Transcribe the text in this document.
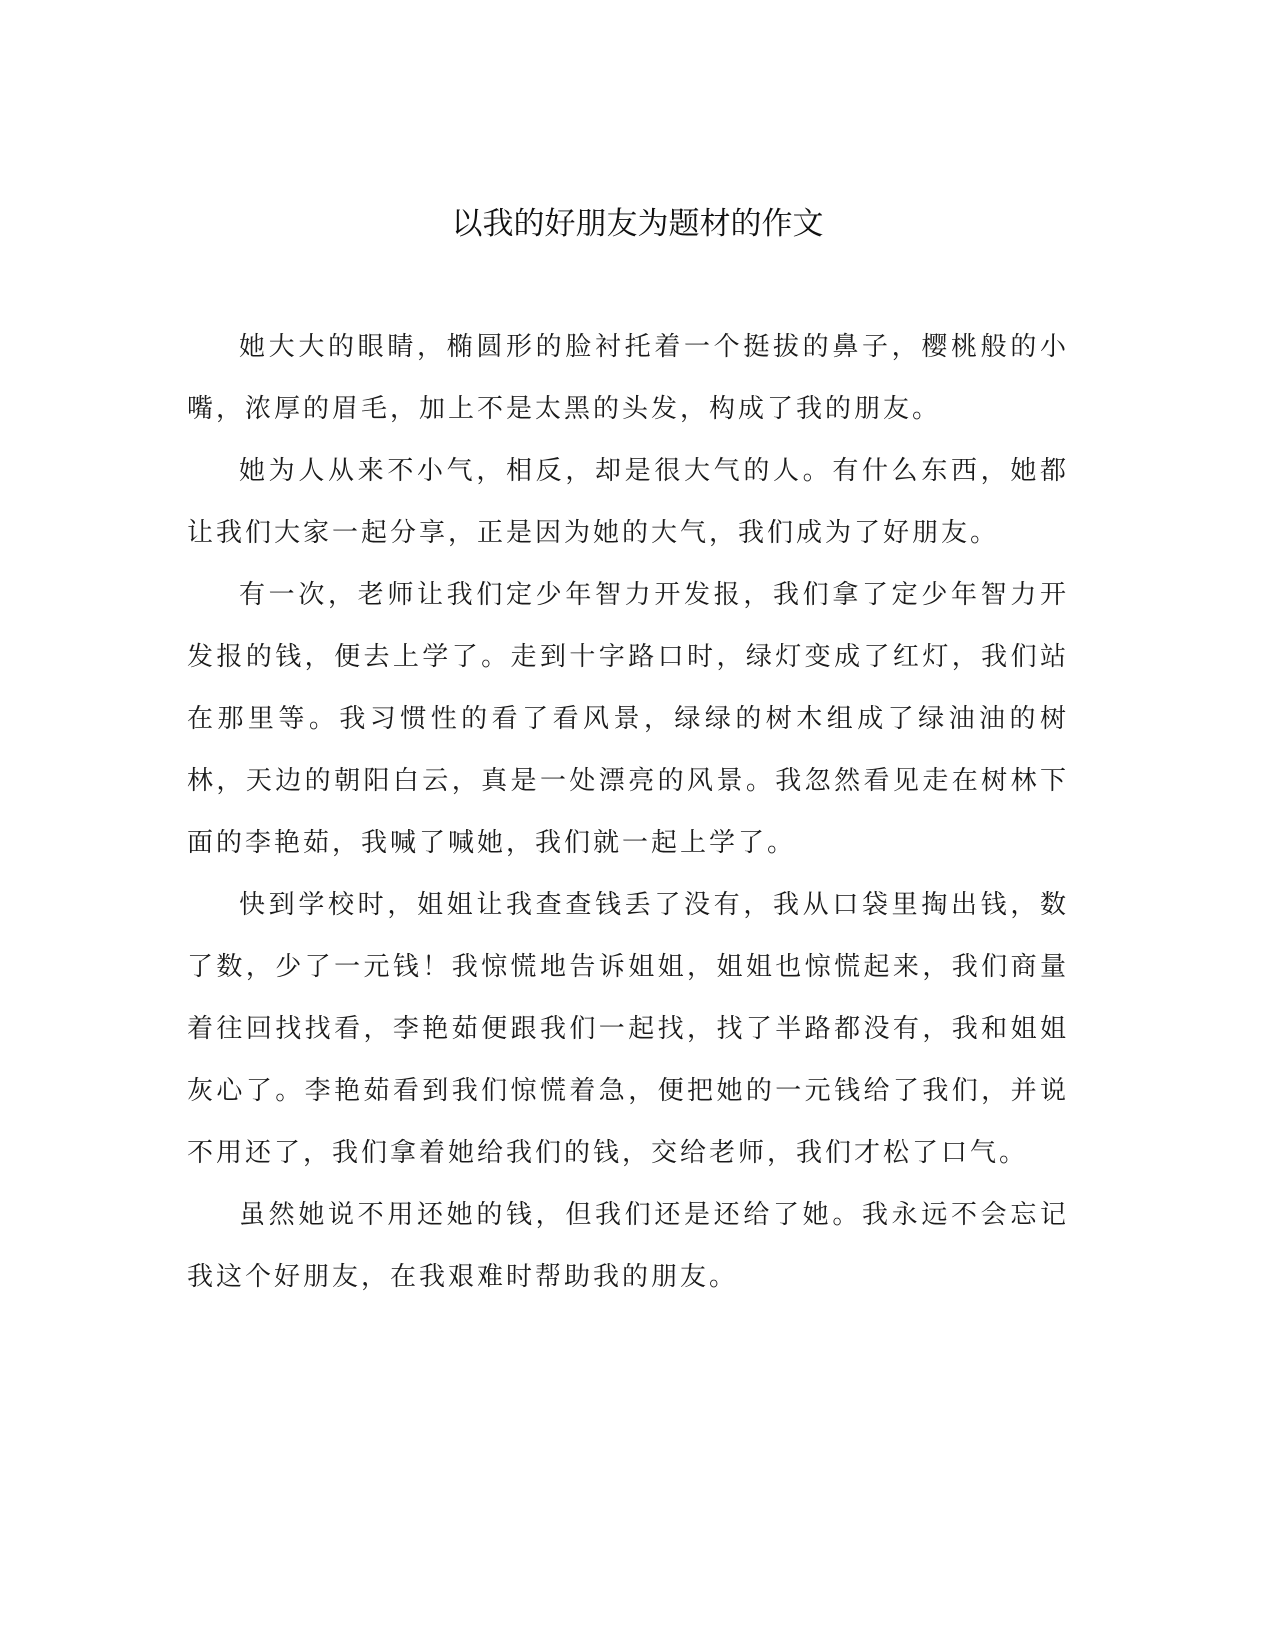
以我的好朋友为题材的作文

她大大的眼睛，椭圆形的脸衬托着一个挺拔的鼻子，樱桃般的小嘴，浓厚的眉毛，加上不是太黑的头发，构成了我的朋友。

她为人从来不小气，相反，却是很大气的人。有什么东西，她都让我们大家一起分享，正是因为她的大气，我们成为了好朋友。

有一次，老师让我们定少年智力开发报，我们拿了定少年智力开发报的钱，便去上学了。走到十字路口时，绿灯变成了红灯，我们站在那里等。我习惯性的看了看风景，绿绿的树木组成了绿油油的树林，天边的朝阳白云，真是一处漂亮的风景。我忽然看见走在树林下面的李艳茹，我喊了喊她，我们就一起上学了。

快到学校时，姐姐让我查查钱丢了没有，我从口袋里掏出钱，数了数，少了一元钱！我惊慌地告诉姐姐，姐姐也惊慌起来，我们商量着往回找找看，李艳茹便跟我们一起找，找了半路都没有，我和姐姐灰心了。李艳茹看到我们惊慌着急，便把她的一元钱给了我们，并说不用还了，我们拿着她给我们的钱，交给老师，我们才松了口气。

虽然她说不用还她的钱，但我们还是还给了她。我永远不会忘记我这个好朋友，在我艰难时帮助我的朋友。
